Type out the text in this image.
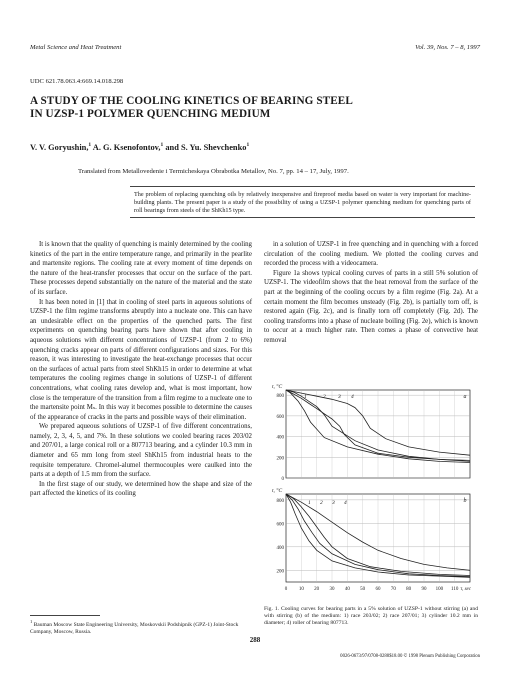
Metal Science and Heat Treatment	Vol. 39, Nos. 7 – 8, 1997
UDC 621.78.063.4:669.14.018.298
A STUDY OF THE COOLING KINETICS OF BEARING STEEL
IN UZSP-1 POLYMER QUENCHING MEDIUM
V. V. Goryushin,$^1$ A. G. Ksenofontov,$^1$ and S. Yu. Shevchenko$^1$
Translated from Metallovedenie i Termicheskaya Obrabotka Metallov, No. 7, pp. 14 – 17, July, 1997.
The problem of replacing quenching oils by relatively inexpensive and fireproof media based on water is very important for machine-building plants. The present paper is a study of the possibility of using a UZSP-1 polymer quenching medium for quenching parts of roll bearings from steels of the ShKh15 type.

It is known that the quality of quenching is mainly determined by the cooling kinetics of the part in the entire temperature range, and primarily in the pearlite and martensite regions. The cooling rate at every moment of time depends on the nature of the heat-transfer processes that occur on the surface of the part. These processes depend substantially on the nature of the material and the state of its surface.

It has been noted in [1] that in cooling of steel parts in aqueous solutions of UZSP-1 the film regime transforms abruptly into a nucleate one. This can have an undesirable effect on the properties of the quenched parts. The first experiments on quenching bearing parts have shown that after cooling in aqueous solutions with different concentrations of UZSP-1 (from 2 to 6%) quenching cracks appear on parts of different configurations and sizes. For this reason, it was interesting to investigate the heat-exchange processes that occur on the surfaces of actual parts from steel ShKh15 in order to determine at what temperatures the cooling regimes change in solutions of UZSP-1 of different concentrations, what cooling rates develop and, what is most important, how close is the temperature of the transition from a film regime to a nucleate one to the martensite point Mₛ. In this way it becomes possible to determine the causes of the appearance of cracks in the parts and possible ways of their elimination.

We prepared aqueous solutions of UZSP-1 of five different concentrations, namely, 2, 3, 4, 5, and 7%. In these solutions we cooled bearing races 203/02 and 207/01, a large conical roll or a 807713 bearing, and a cylinder 10.3 mm in diameter and 65 mm long from steel ShKh15 from industrial heats to the requisite temperature. Chromel-alumel thermocouples were caulked into the parts at a depth of 1.5 mm from the surface.

In the first stage of our study, we determined how the shape and size of the part affected the kinetics of its cooling

in a solution of UZSP-1 in free quenching and in quenching with a forced circulation of the cooling medium. We plotted the cooling curves and recorded the process with a videocamera.

Figure 1a shows typical cooling curves of parts in a still 5% solution of UZSP-1. The videofilm shows that the heat removal from the surface of the part at the beginning of the cooling occurs by a film regime (Fig. 2a). At a certain moment the film becomes unsteady (Fig. 2b), is partially torn off, is restored again (Fig. 2c), and is finally torn off completely (Fig. 2d). The cooling transforms into a phase of nucleate boiling (Fig. 2e), which is known to occur at a much higher rate. Then comes a phase of convective heat removal

0
200
400
600
800
t, °C
a
1	2 3 4
200
400
600
800
t, °C
b
1 2 3 4
0 10 20 30 40 50 60 70 80 90 100 110 τ, sec
Fig. 1. Cooling curves for bearing parts in a 5% solution of UZSP-1 without stirring (a) and with stirring (b) of the medium: 1) race 203/02; 2) race 207/01; 3) cylinder 10.2 mm in diameter; 4) roller of bearing 807713.
$^1$ Bauman Moscow State Engineering University, Moskovskii Podshipnik (GPZ-1) Joint-Stock Company, Moscow, Russia.
288
0026-0673/97/0708-0288$18.00 © 1998 Plenum Publishing Corporation
